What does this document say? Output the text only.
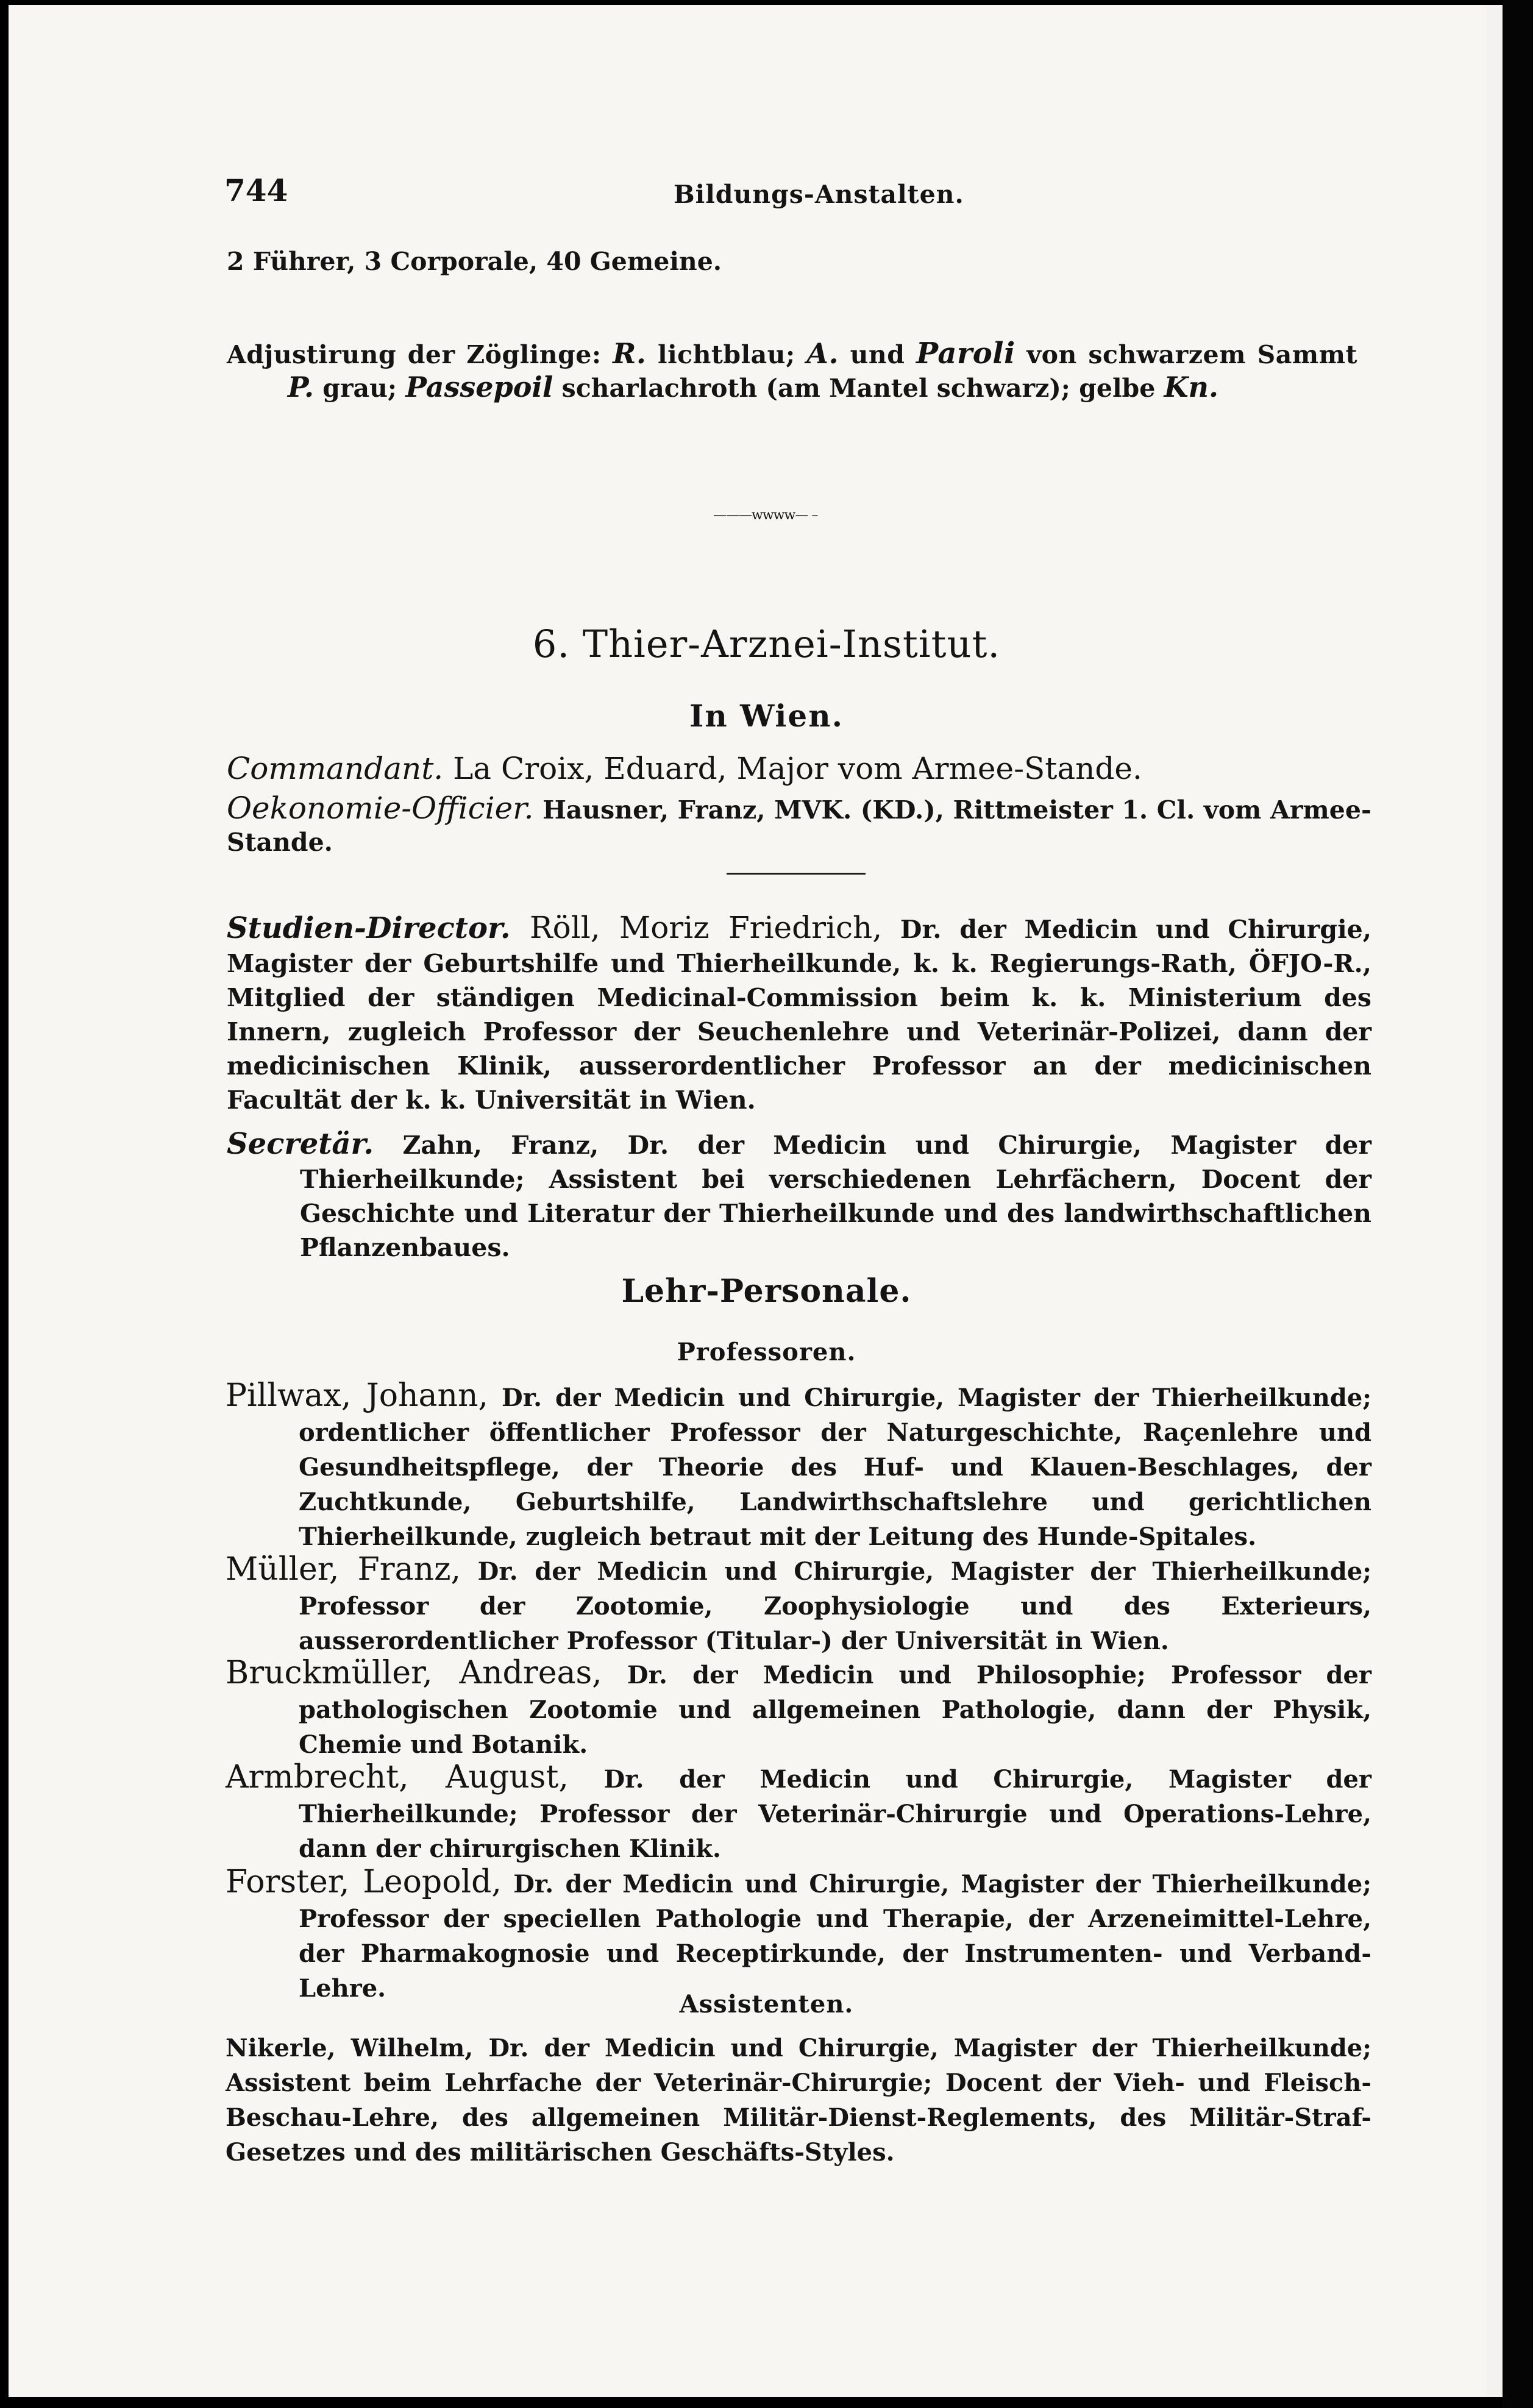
744	Bildungs-Anstalten.
2 Führer, 3 Corporale, 40 Gemeine.
Adjustirung der Zöglinge: R. lichtblau; A. und Paroli von schwarzem Sammt
P. grau; Passepoil scharlachroth (am Mantel schwarz); gelbe Kn.
———wwww— –
6. Thier-Arznei-Institut.
In Wien.
Commandant. La Croix, Eduard, Major vom Armee-Stande.
Oekonomie-Officier. Hausner, Franz, MVK. (KD.), Rittmeister 1. Cl. vom Armee-
Stande.
Studien-Director. Röll, Moriz Friedrich, Dr. der Medicin und Chirurgie, Magister der Geburtshilfe und Thierheilkunde, k. k. Regierungs-Rath, ÖFJO-R., Mitglied der ständigen Medicinal-Commission beim k. k. Ministerium des Innern, zugleich Professor der Seuchenlehre und Veterinär-Polizei, dann der medicinischen Klinik, ausserordentlicher Professor an der medicinischen Facultät der k. k. Universität in Wien.
Secretär. Zahn, Franz, Dr. der Medicin und Chirurgie, Magister der Thierheilkunde; Assistent bei verschiedenen Lehrfächern, Docent der Geschichte und Literatur der Thierheilkunde und des landwirthschaftlichen Pflanzenbaues.
Lehr-Personale.
Professoren.
Pillwax, Johann, Dr. der Medicin und Chirurgie, Magister der Thierheilkunde; ordentlicher öffentlicher Professor der Naturgeschichte, Raçenlehre und Gesundheitspflege, der Theorie des Huf- und Klauen-Beschlages, der Zuchtkunde, Geburtshilfe, Landwirthschaftslehre und gerichtlichen Thierheilkunde, zugleich betraut mit der Leitung des Hunde-Spitales.
Müller, Franz, Dr. der Medicin und Chirurgie, Magister der Thierheilkunde; Professor der Zootomie, Zoophysiologie und des Exterieurs, ausserordentlicher Professor (Titular-) der Universität in Wien.
Bruckmüller, Andreas, Dr. der Medicin und Philosophie; Professor der pathologischen Zootomie und allgemeinen Pathologie, dann der Physik, Chemie und Botanik.
Armbrecht, August, Dr. der Medicin und Chirurgie, Magister der Thierheilkunde; Professor der Veterinär-Chirurgie und Operations-Lehre, dann der chirurgischen Klinik.
Forster, Leopold, Dr. der Medicin und Chirurgie, Magister der Thierheilkunde; Professor der speciellen Pathologie und Therapie, der Arzeneimittel-Lehre, der Pharmakognosie und Receptirkunde, der Instrumenten- und Verband-Lehre.
Assistenten.
Nikerle, Wilhelm, Dr. der Medicin und Chirurgie, Magister der Thierheilkunde; Assistent beim Lehrfache der Veterinär-Chirurgie; Docent der Vieh- und Fleisch-Beschau-Lehre, des allgemeinen Militär-Dienst-Reglements, des Militär-Straf-Gesetzes und des militärischen Geschäfts-Styles.
